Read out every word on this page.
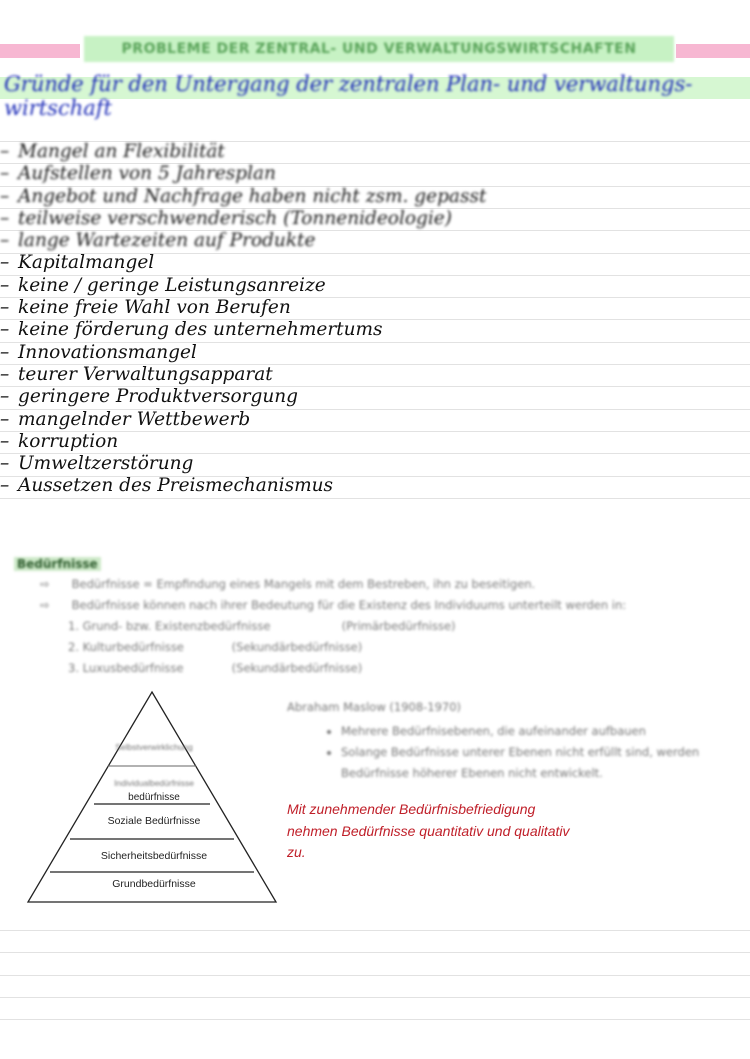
PROBLEME DER ZENTRAL- UND VERWALTUNGSWIRTSCHAFTEN
Gründe für den Untergang der zentralen Plan- und verwaltungs- wirtschaft
– Mangel an Flexibilität
– Aufstellen von 5 Jahresplan
– Angebot und Nachfrage haben nicht zsm. gepasst
– teilweise verschwenderisch (Tonnenideologie)
– lange Wartezeiten auf Produkte
– Kapitalmangel
– keine / geringe Leistungsanreize
– keine freie Wahl von Berufen
– keine förderung des unternehmertums
– Innovationsmangel
– teurer Verwaltungsapparat
– geringere Produktversorgung
– mangelnder Wettbewerb
– korruption
– Umweltzerstörung
– Aussetzen des Preismechanismus
Bedürfnisse
⇨ Bedürfnisse = Empfindung eines Mangels mit dem Bestreben, ihn zu beseitigen.
⇨ Bedürfnisse können nach ihrer Bedeutung für die Existenz des Individuums unterteilt werden in:
1. Grund- bzw. Existenzbedürfnisse	(Primärbedürfnisse)
2. Kulturbedürfnisse	(Sekundärbedürfnisse)
3. Luxusbedürfnisse	(Sekundärbedürfnisse)
Selbstverwirklichung
Individualbedürfnisse
bedürfnisse
Soziale Bedürfnisse
Sicherheitsbedürfnisse
Grundbedürfnisse
Abraham Maslow (1908-1970)
• Mehrere Bedürfnisebenen, die aufeinander aufbauen
• Solange Bedürfnisse unterer Ebenen nicht erfüllt sind, werden Bedürfnisse höherer Ebenen nicht entwickelt.
Mit zunehmender Bedürfnisbefriedigung nehmen Bedürfnisse quantitativ und qualitativ zu.
